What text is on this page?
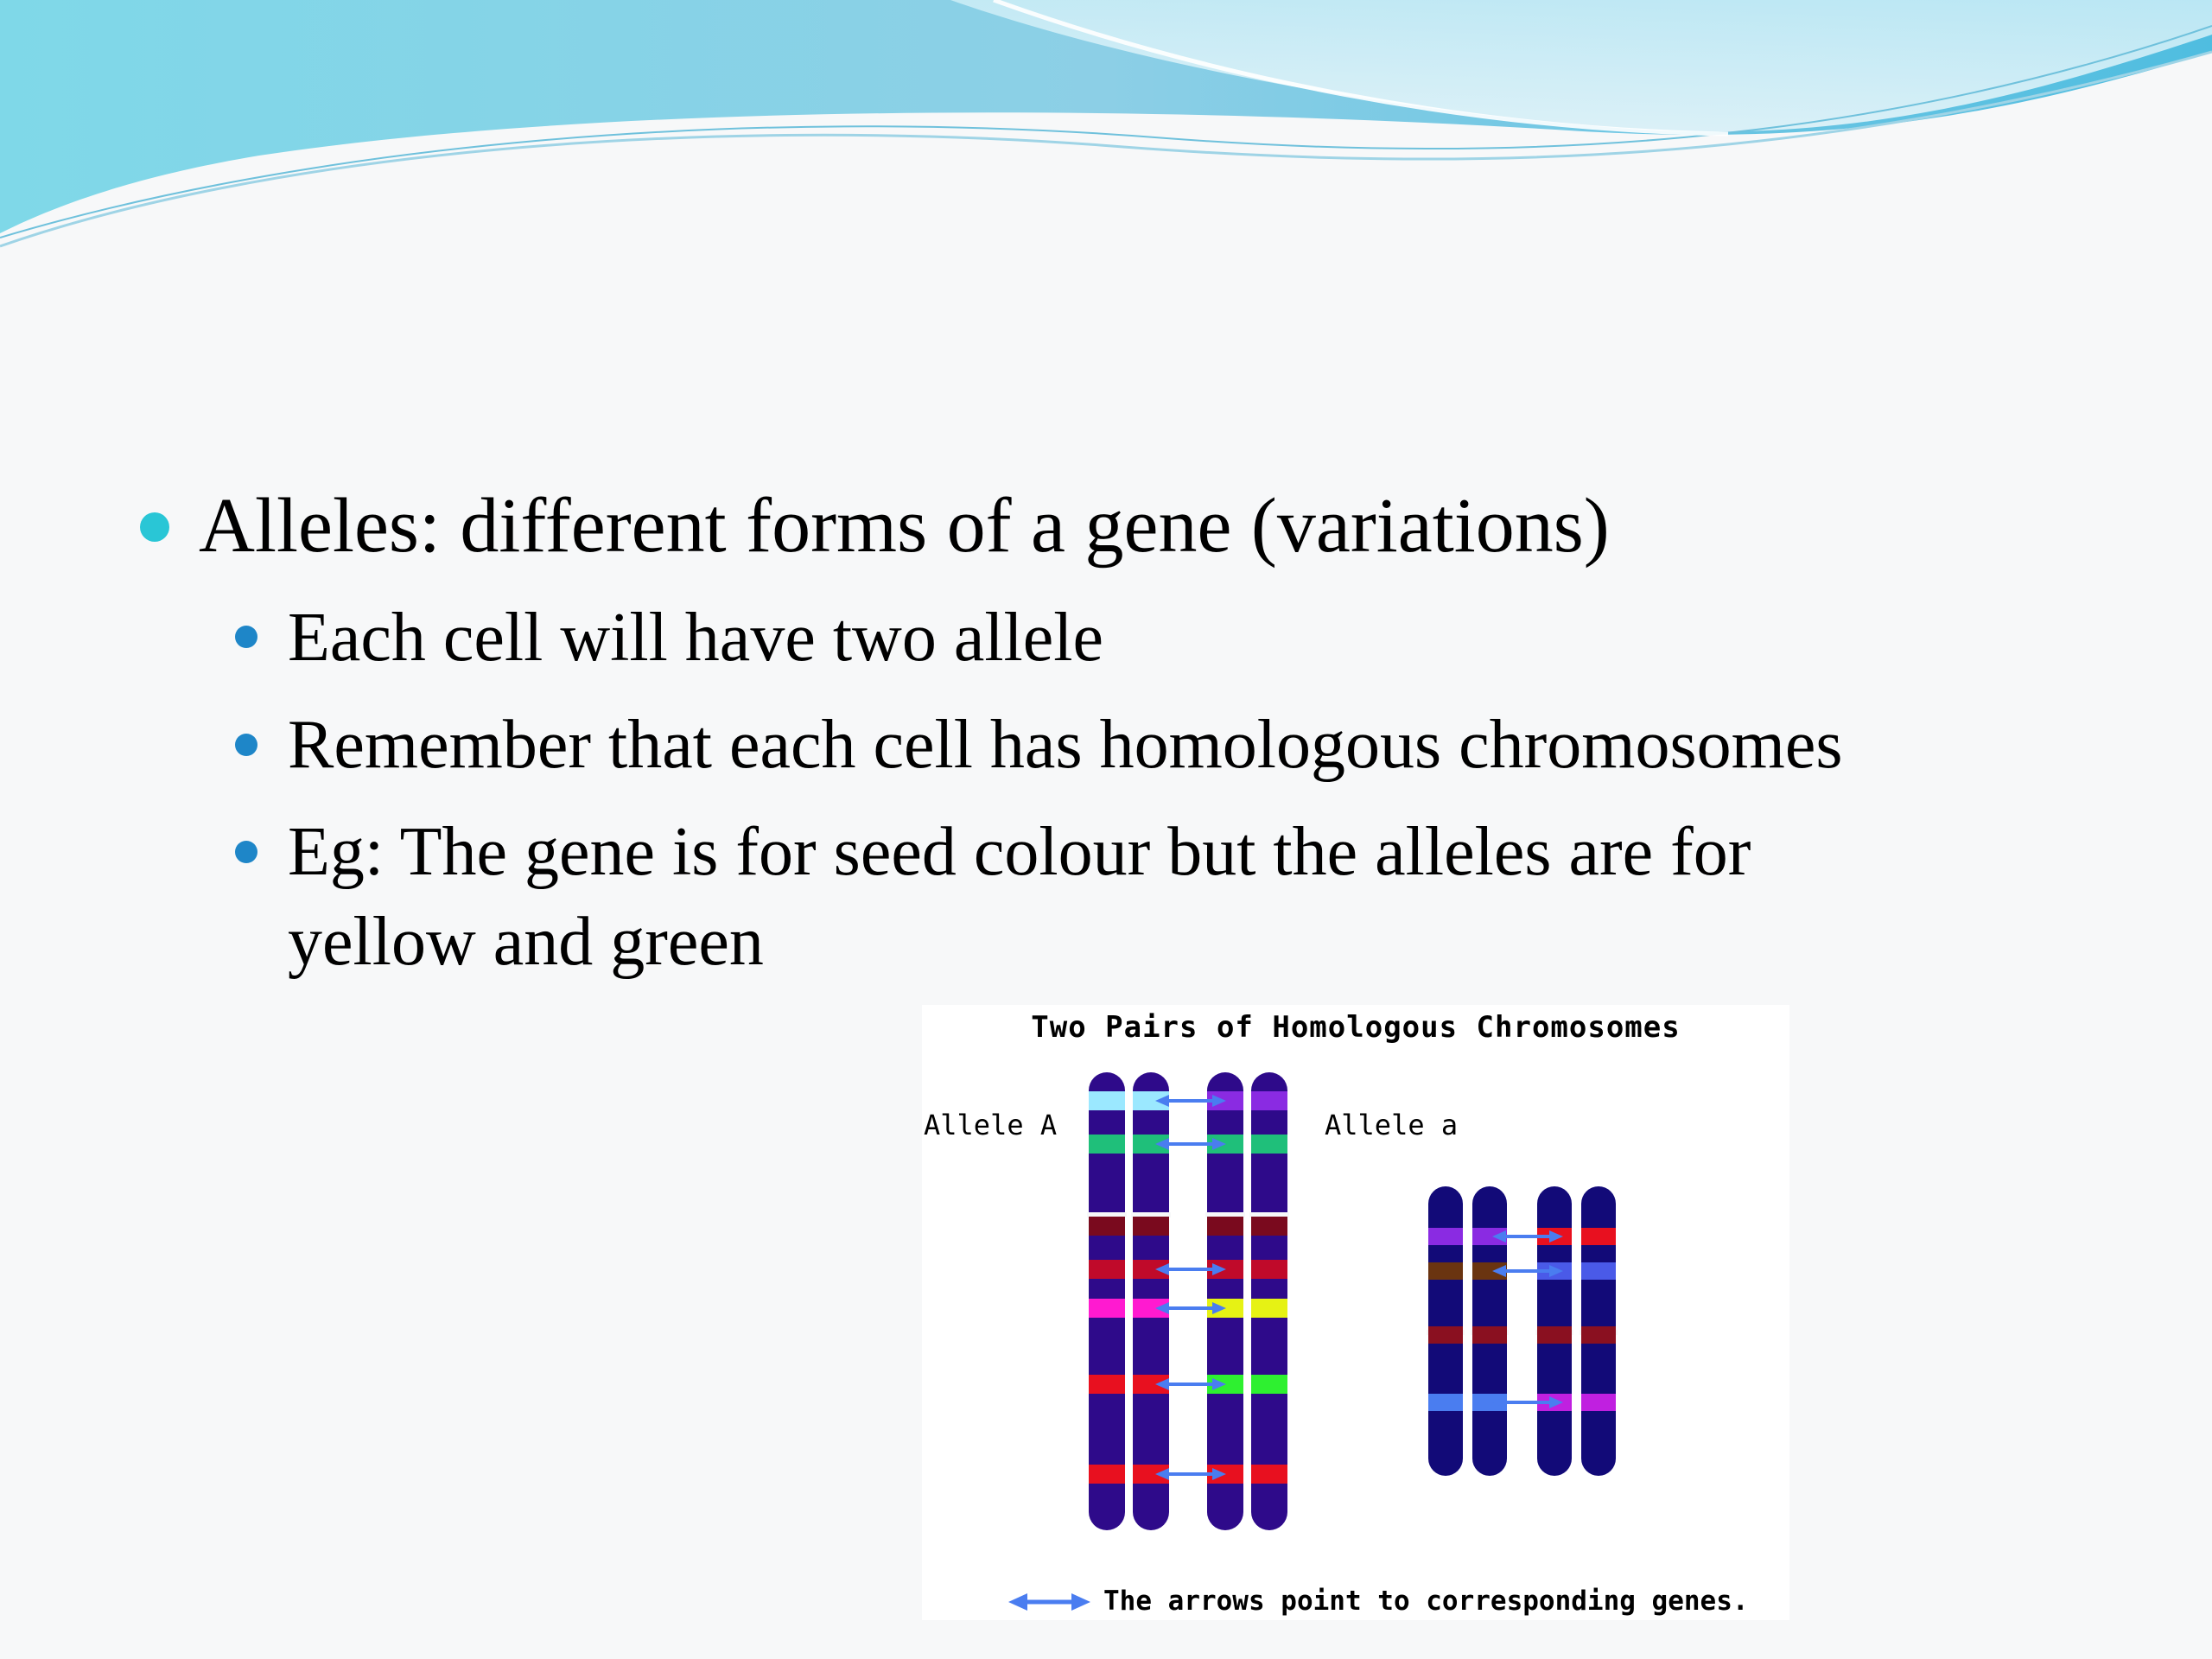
Alleles: different forms of a gene (variations)
Each cell will have two allele
Remember that each cell has homologous chromosomes
Eg: The gene is for seed colour but the alleles are for
yellow and green
Two Pairs of Homologous Chromosomes
Allele A	Allele a
The arrows point to corresponding genes.
